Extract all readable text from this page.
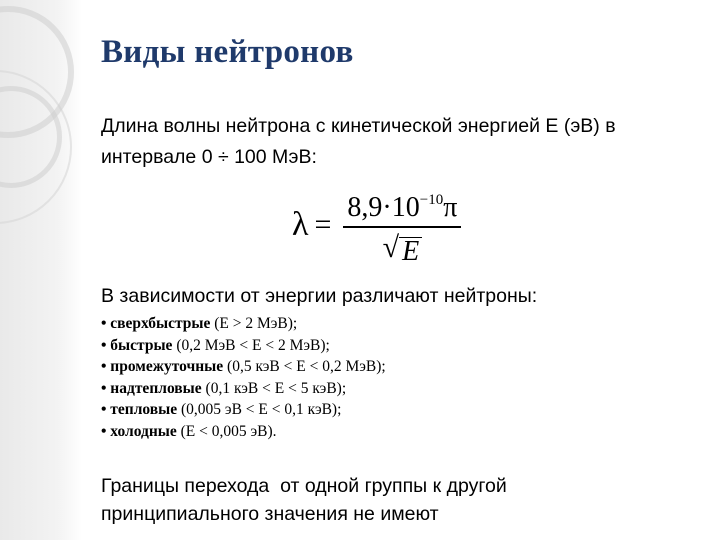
Виды нейтронов
Длина волны нейтрона с кинетической энергией E (эВ) в
интервале 0 ÷ 100 МэВ:
$\lambda = \frac{8,9\cdot 10^{-10}\pi}{√ E}$
В зависимости от энергии различают нейтроны:
• сверхбыстрые (E > 2 МэВ);
• быстрые (0,2 МэВ < E < 2 МэВ);
• промежуточные (0,5 кэВ < E < 0,2 МэВ);
• надтепловые (0,1 кэВ < E < 5 кэВ);
• тепловые (0,005 эВ < E < 0,1 кэВ);
• холодные (E < 0,005 эВ).
Границы перехода  от одной группы к другой
принципиального значения не имеют
